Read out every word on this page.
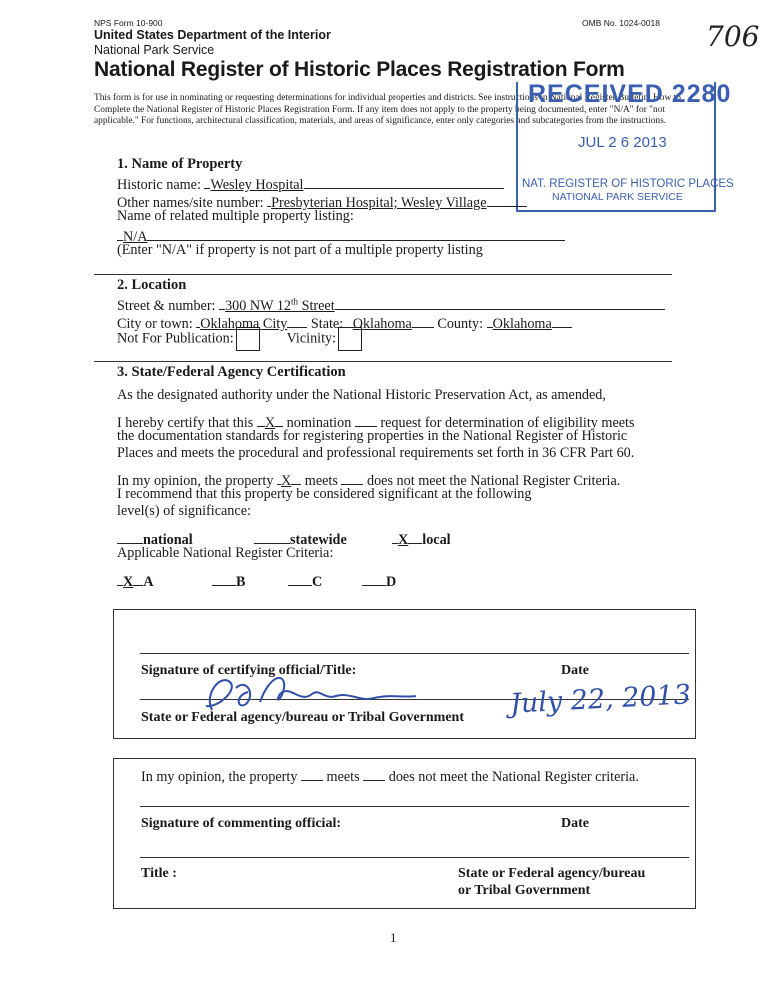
NPS Form 10-900	OMB No. 1024-0018 706
United States Department of the Interior
National Park Service
National Register of Historic Places Registration Form
This form is for use in nominating or requesting determinations for individual properties and districts. See instructions in National Register Bulletin, How to Complete the National Register of Historic Places Registration Form. If any item does not apply to the property being documented, enter "N/A" for "not applicable." For functions, architectural classification, materials, and areas of significance, enter only categories and subcategories from the instructions.
RECEIVED 2280
JUL 2 6 2013
NAT. REGISTER OF HISTORIC PLACES
NATIONAL PARK SERVICE
1. Name of Property
Historic name: Wesley Hospital
Other names/site number: Presbyterian Hospital; Wesley Village
Name of related multiple property listing:
N/A
(Enter "N/A" if property is not part of a multiple property listing
2. Location
Street & number: 300 NW 12th Street
City or town: Oklahoma City State: Oklahoma County: Oklahoma
Not For Publication:	Vicinity:
3. State/Federal Agency Certification
As the designated authority under the National Historic Preservation Act, as amended,
I hereby certify that this X nomination  request for determination of eligibility meets
the documentation standards for registering properties in the National Register of Historic
Places and meets the procedural and professional requirements set forth in 36 CFR Part 60.
In my opinion, the property X meets  does not meet the National Register Criteria.
I recommend that this property be considered significant at the following
level(s) of significance:
national	statewide	X local
Applicable National Register Criteria:
X A	B	C	D
Signature of certifying official/Title:	Date
State or Federal agency/bureau or Tribal Government July 22, 2013
In my opinion, the property  meets  does not meet the National Register criteria.
Signature of commenting official:	Date
Title :	State or Federal agency/bureau
or Tribal Government
1
